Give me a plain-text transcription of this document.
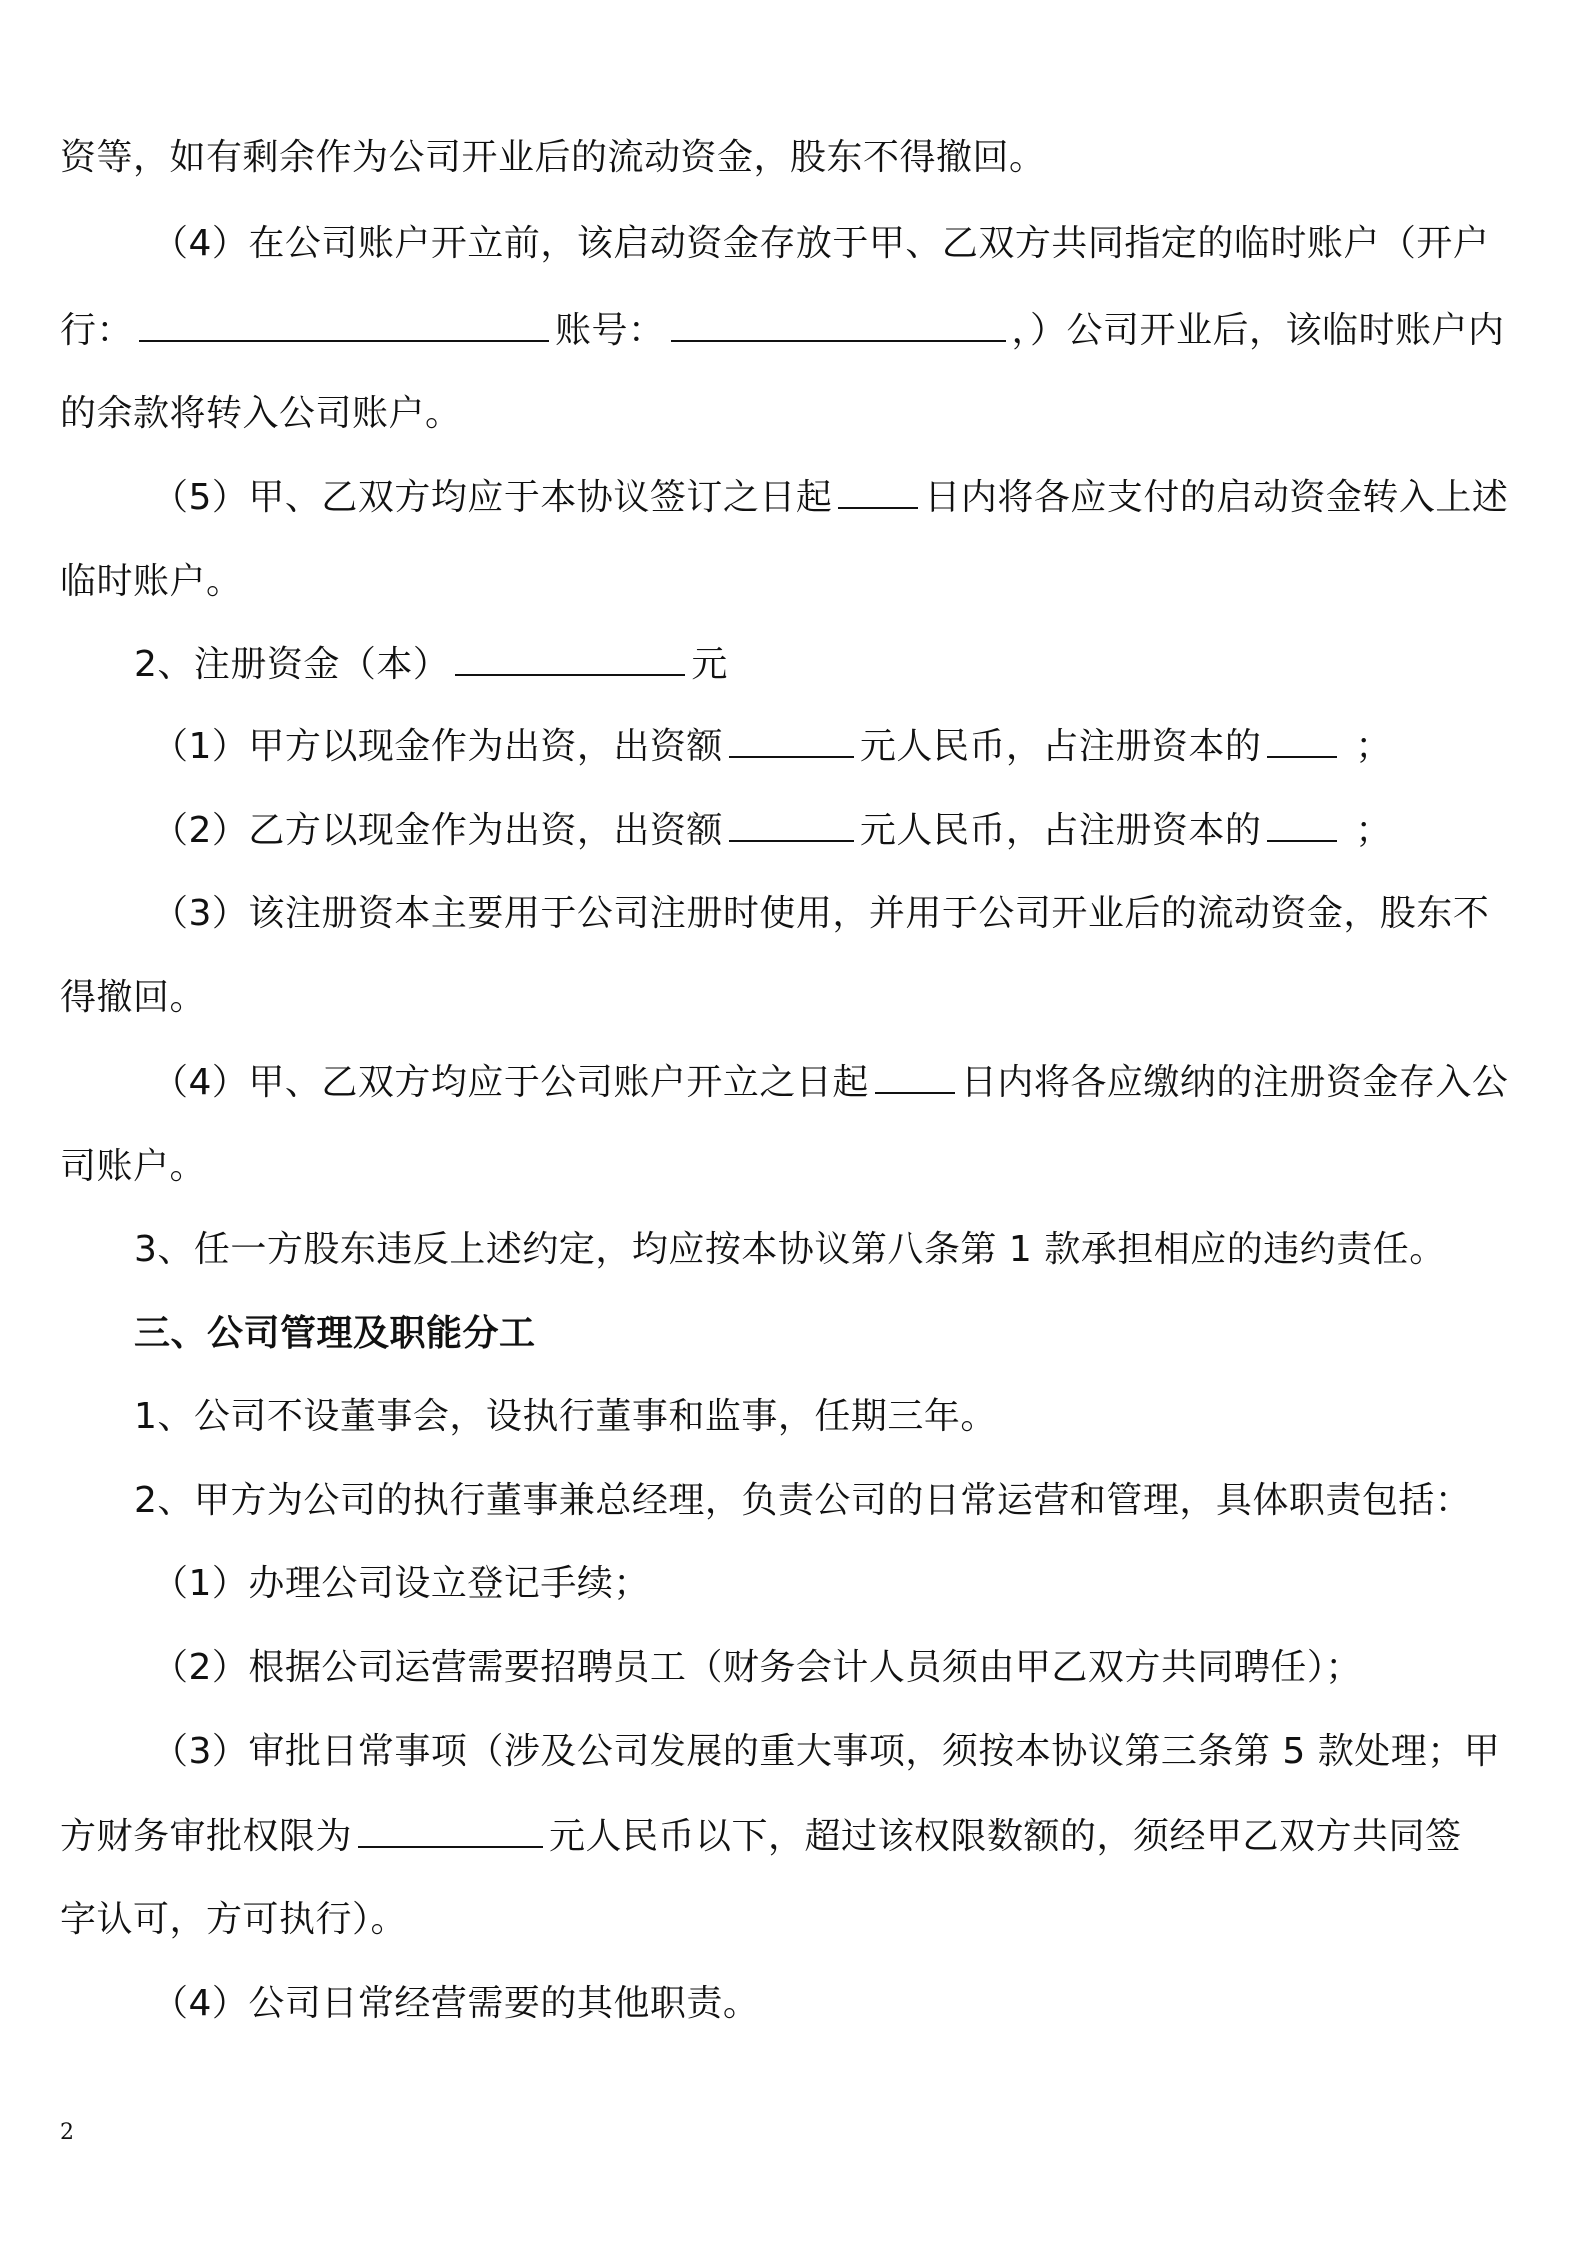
资等，如有剩余作为公司开业后的流动资金，股东不得撤回。
（4）在公司账户开立前，该启动资金存放于甲、乙双方共同指定的临时账户（开户
行：	账号：	，）公司开业后，该临时账户内
的余款将转入公司账户。
（5）甲、乙双方均应于本协议签订之日起	日内将各应支付的启动资金转入上述
临时账户。
2、注册资金（本）	元
（1）甲方以现金作为出资，出资额	元人民币，占注册资本的	；
（2）乙方以现金作为出资，出资额	元人民币，占注册资本的	；
（3）该注册资本主要用于公司注册时使用，并用于公司开业后的流动资金，股东不
得撤回。
（4）甲、乙双方均应于公司账户开立之日起	日内将各应缴纳的注册资金存入公
司账户。
3、任一方股东违反上述约定，均应按本协议第八条第 1 款承担相应的违约责任。
三、公司管理及职能分工
1、公司不设董事会，设执行董事和监事，任期三年。
2、甲方为公司的执行董事兼总经理，负责公司的日常运营和管理，具体职责包括：
（1）办理公司设立登记手续；
（2）根据公司运营需要招聘员工（财务会计人员须由甲乙双方共同聘任）；
（3）审批日常事项（涉及公司发展的重大事项，须按本协议第三条第 5 款处理；甲
方财务审批权限为	元人民币以下，超过该权限数额的，须经甲乙双方共同签
字认可，方可执行）。
（4）公司日常经营需要的其他职责。
2
